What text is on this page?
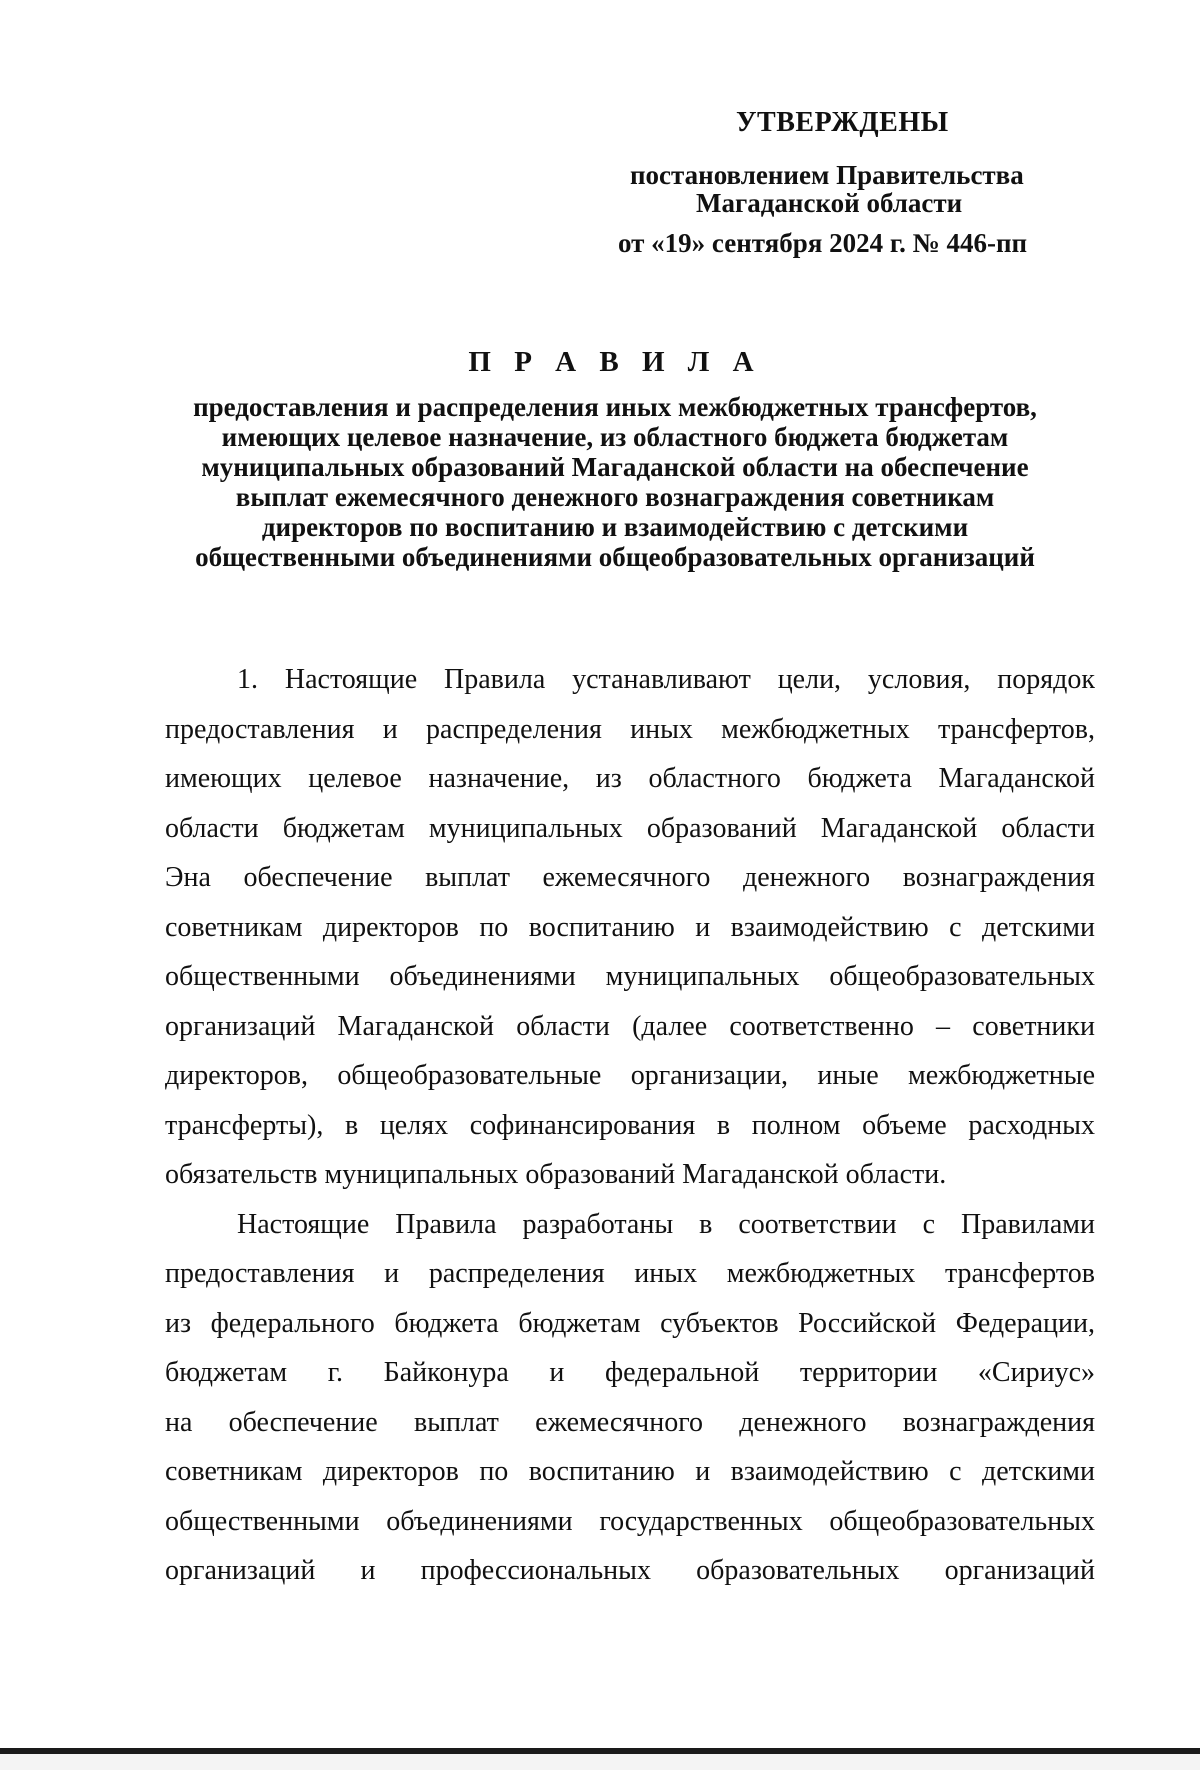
УТВЕРЖДЕНЫ
постановлением Правительства
Магаданской области
от «19» сентября 2024 г. № 446-пп
П Р А В И Л А
предоставления и распределения иных межбюджетных трансфертов,
имеющих целевое назначение, из областного бюджета бюджетам
муниципальных образований Магаданской области на обеспечение
выплат ежемесячного денежного вознаграждения советникам
директоров по воспитанию и взаимодействию с детскими
общественными объединениями общеобразовательных организаций
1. Настоящие Правила устанавливают цели, условия, порядок
предоставления и распределения иных межбюджетных трансфертов,
имеющих целевое назначение, из областного бюджета Магаданской
области бюджетам муниципальных образований Магаданской области
Эна обеспечение выплат ежемесячного денежного вознаграждения
советникам директоров по воспитанию и взаимодействию с детскими
общественными объединениями муниципальных общеобразовательных
организаций Магаданской области (далее соответственно – советники
директоров, общеобразовательные организации, иные межбюджетные
трансферты), в целях софинансирования в полном объеме расходных
обязательств муниципальных образований Магаданской области.
Настоящие Правила разработаны в соответствии с Правилами
предоставления и распределения иных межбюджетных трансфертов
из федерального бюджета бюджетам субъектов Российской Федерации,
бюджетам г. Байконура и федеральной территории «Сириус»
на обеспечение выплат ежемесячного денежного вознаграждения
советникам директоров по воспитанию и взаимодействию с детскими
общественными объединениями государственных общеобразовательных
организаций и профессиональных образовательных организаций
